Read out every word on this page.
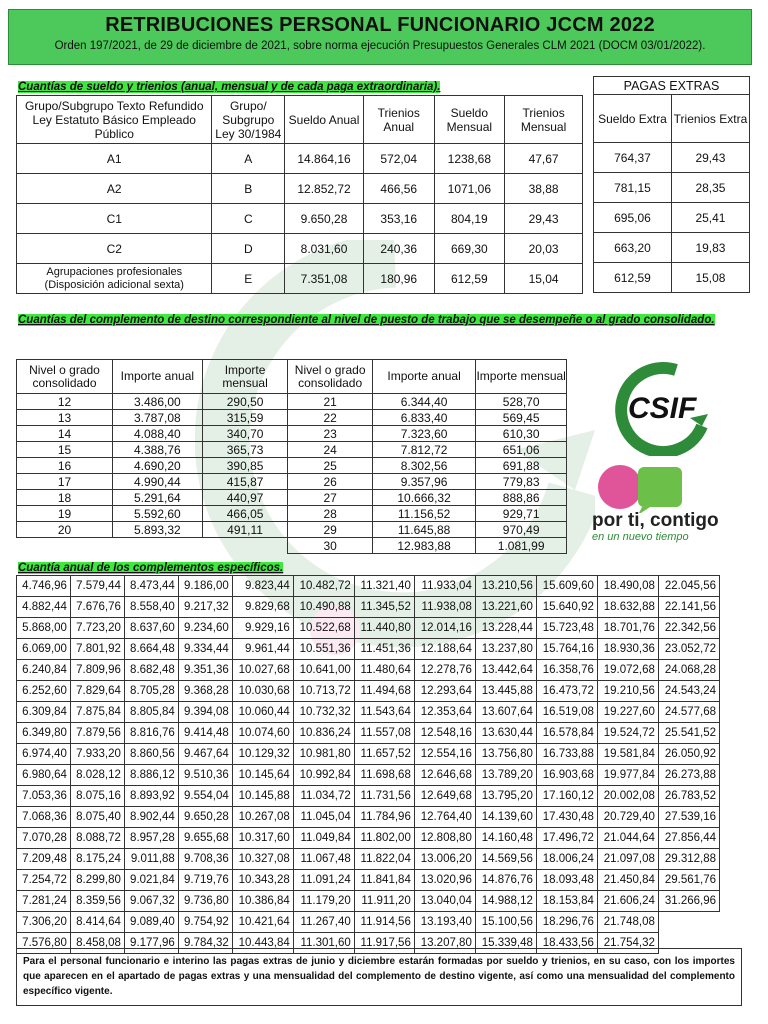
RETRIBUCIONES PERSONAL FUNCIONARIO JCCM 2022
Orden 197/2021, de 29 de diciembre de 2021, sobre norma ejecución Presupuestos Generales CLM 2021 (DOCM 03/01/2022).
Cuantías de sueldo y trienios (anual, mensual y de cada paga extraordinaria).
Grupo/Subgrupo Texto Refundido Ley Estatuto Básico Empleado Público	Grupo/ Subgrupo Ley 30/1984	Sueldo Anual	Trienios Anual	Sueldo Mensual	Trienios Mensual
A1	A	14.864,16	572,04	1238,68	47,67
A2	B	12.852,72	466,56	1071,06	38,88
C1	C	9.650,28	353,16	804,19	29,43
C2	D	8.031,60	240,36	669,30	20,03
Agrupaciones profesionales (Disposición adicional sexta)	E	7.351,08	180,96	612,59	15,04
PAGAS EXTRAS	
Sueldo Extra	Trienios Extra
764,37	29,43
781,15	28,35
695,06	25,41
663,20	19,83
612,59	15,08
Cuantías del complemento de destino correspondiente al nivel de puesto de trabajo que se desempeñe o al grado consolidado.
Nivel o grado consolidado	Importe anual	Importe mensual	Nivel o grado consolidado	Importe anual	Importe mensual
12	3.486,00	290,50	21	6.344,40	528,70
13	3.787,08	315,59	22	6.833,40	569,45
14	4.088,40	340,70	23	7.323,60	610,30
15	4.388,76	365,73	24	7.812,72	651,06
16	4.690,20	390,85	25	8.302,56	691,88
17	4.990,44	415,87	26	9.357,96	779,83
18	5.291,64	440,97	27	10.666,32	888,86
19	5.592,60	466,05	28	11.156,52	929,71
20	5.893,32	491,11	29	11.645,88	970,49
			30	12.983,88	1.081,99
CSIF
por ti, contigo
en un nuevo tiempo
Cuantía anual de los complementos específicos.
4.746,96	7.579,44	8.473,44	9.186,00	9.823,44	10.482,72	11.321,40	11.933,04	13.210,56	15.609,60	18.490,08	22.045,56
4.882,44	7.676,76	8.558,40	9.217,32	9.829,68	10.490,88	11.345,52	11.938,08	13.221,60	15.640,92	18.632,88	22.141,56
5.868,00	7.723,20	8.637,60	9.234,60	9.929,16	10.522,68	11.440,80	12.014,16	13.228,44	15.723,48	18.701,76	22.342,56
6.069,00	7.801,92	8.664,48	9.334,44	9.961,44	10.551,36	11.451,36	12.188,64	13.237,80	15.764,16	18.930,36	23.052,72
6.240,84	7.809,96	8.682,48	9.351,36	10.027,68	10.641,00	11.480,64	12.278,76	13.442,64	16.358,76	19.072,68	24.068,28
6.252,60	7.829,64	8.705,28	9.368,28	10.030,68	10.713,72	11.494,68	12.293,64	13.445,88	16.473,72	19.210,56	24.543,24
6.309,84	7.875,84	8.805,84	9.394,08	10.060,44	10.732,32	11.543,64	12.353,64	13.607,64	16.519,08	19.227,60	24.577,68
6.349,80	7.879,56	8.816,76	9.414,48	10.074,60	10.836,24	11.557,08	12.548,16	13.630,44	16.578,84	19.524,72	25.541,52
6.974,40	7.933,20	8.860,56	9.467,64	10.129,32	10.981,80	11.657,52	12.554,16	13.756,80	16.733,88	19.581,84	26.050,92
6.980,64	8.028,12	8.886,12	9.510,36	10.145,64	10.992,84	11.698,68	12.646,68	13.789,20	16.903,68	19.977,84	26.273,88
7.053,36	8.075,16	8.893,92	9.554,04	10.145,88	11.034,72	11.731,56	12.649,68	13.795,20	17.160,12	20.002,08	26.783,52
7.068,36	8.075,40	8.902,44	9.650,28	10.267,08	11.045,04	11.784,96	12.764,40	14.139,60	17.430,48	20.729,40	27.539,16
7.070,28	8.088,72	8.957,28	9.655,68	10.317,60	11.049,84	11.802,00	12.808,80	14.160,48	17.496,72	21.044,64	27.856,44
7.209,48	8.175,24	9.011,88	9.708,36	10.327,08	11.067,48	11.822,04	13.006,20	14.569,56	18.006,24	21.097,08	29.312,88
7.254,72	8.299,80	9.021,84	9.719,76	10.343,28	11.091,24	11.841,84	13.020,96	14.876,76	18.093,48	21.450,84	29.561,76
7.281,24	8.359,56	9.067,32	9.736,80	10.386,84	11.179,20	11.911,20	13.040,04	14.988,12	18.153,84	21.606,24	31.266,96
7.306,20	8.414,64	9.089,40	9.754,92	10.421,64	11.267,40	11.914,56	13.193,40	15.100,56	18.296,76	21.748,08	
7.576,80	8.458,08	9.177,96	9.784,32	10.443,84	11.301,60	11.917,56	13.207,80	15.339,48	18.433,56	21.754,32	
Para el personal funcionario e interino las pagas extras de junio y diciembre estarán formadas por sueldo y trienios, en su caso, con los importes que aparecen en el apartado de pagas extras y una mensualidad del complemento de destino vigente, así como una mensualidad del complemento específico vigente.
